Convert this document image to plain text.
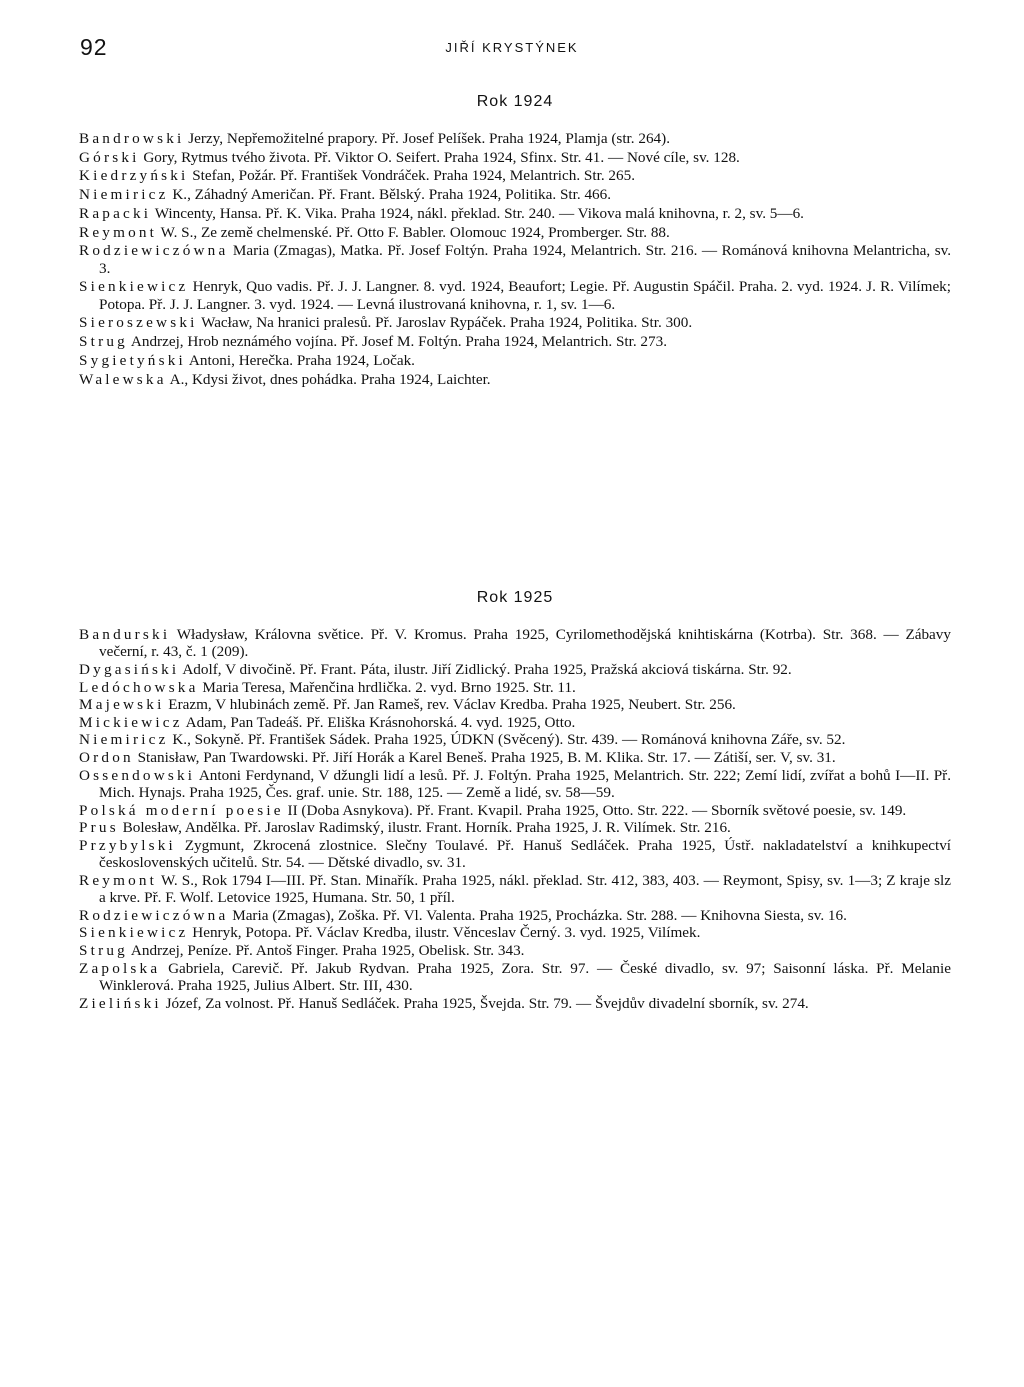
92	JIŘÍ KRYSTÝNEK
Rok 1924
Bandrowski Jerzy, Nepřemožitelné prapory. Př. Josef Pelíšek. Praha 1924, Plamja (str. 264).
Górski Gory, Rytmus tvého života. Př. Viktor O. Seifert. Praha 1924, Sfinx. Str. 41. — Nové cíle, sv. 128.
Kiedrzyński Stefan, Požár. Př. František Vondráček. Praha 1924, Melantrich. Str. 265.
Niemiricz K., Záhadný Američan. Př. Frant. Bělský. Praha 1924, Politika. Str. 466.
Rapacki Wincenty, Hansa. Př. K. Vika. Praha 1924, nákl. překlad. Str. 240. — Vikova malá knihovna, r. 2, sv. 5—6.
Reymont W. S., Ze země chelmenské. Př. Otto F. Babler. Olomouc 1924, Promberger. Str. 88.
Rodziewiczówna Maria (Zmagas), Matka. Př. Josef Foltýn. Praha 1924, Melantrich. Str. 216. — Románová knihovna Melantricha, sv. 3.
Sienkiewicz Henryk, Quo vadis. Př. J. J. Langner. 8. vyd. 1924, Beaufort; Legie. Př. Augustin Spáčil. Praha. 2. vyd. 1924. J. R. Vilímek; Potopa. Př. J. J. Langner. 3. vyd. 1924. — Levná ilustrovaná knihovna, r. 1, sv. 1—6.
Sieroszewski Wacław, Na hranici pralesů. Př. Jaroslav Rypáček. Praha 1924, Politika. Str. 300.
Strug Andrzej, Hrob neznámého vojína. Př. Josef M. Foltýn. Praha 1924, Melantrich. Str. 273.
Sygietyński Antoni, Herečka. Praha 1924, Ločak.
Walewska A., Kdysi život, dnes pohádka. Praha 1924, Laichter.
Rok 1925
Bandurski Władysław, Královna světice. Př. V. Kromus. Praha 1925, Cyrilomethodějská knihtiskárna (Kotrba). Str. 368. — Zábavy večerní, r. 43, č. 1 (209).
Dygasiński Adolf, V divočině. Př. Frant. Páta, ilustr. Jiří Zidlický. Praha 1925, Pražská akciová tiskárna. Str. 92.
Ledóchowska Maria Teresa, Mařenčina hrdlička. 2. vyd. Brno 1925. Str. 11.
Majewski Erazm, V hlubinách země. Př. Jan Rameš, rev. Václav Kredba. Praha 1925, Neubert. Str. 256.
Mickiewicz Adam, Pan Tadeáš. Př. Eliška Krásnohorská. 4. vyd. 1925, Otto.
Niemiricz K., Sokyně. Př. František Sádek. Praha 1925, ÚDKN (Svěcený). Str. 439. — Románová knihovna Záře, sv. 52.
Ordon Stanisław, Pan Twardowski. Př. Jiří Horák a Karel Beneš. Praha 1925, B. M. Klika. Str. 17. — Zátiší, ser. V, sv. 31.
Ossendowski Antoni Ferdynand, V džungli lidí a lesů. Př. J. Foltýn. Praha 1925, Melantrich. Str. 222; Zemí lidí, zvířat a bohů I—II. Př. Mich. Hynajs. Praha 1925, Čes. graf. unie. Str. 188, 125. — Země a lidé, sv. 58—59.
Polská moderní poesie II (Doba Asnykova). Př. Frant. Kvapil. Praha 1925, Otto. Str. 222. — Sborník světové poesie, sv. 149.
Prus Bolesław, Andělka. Př. Jaroslav Radimský, ilustr. Frant. Horník. Praha 1925, J. R. Vilímek. Str. 216.
Przybylski Zygmunt, Zkrocená zlostnice. Slečny Toulavé. Př. Hanuš Sedláček. Praha 1925, Ústř. nakladatelství a knihkupectví československých učitelů. Str. 54. — Dětské divadlo, sv. 31.
Reymont W. S., Rok 1794 I—III. Př. Stan. Minařík. Praha 1925, nákl. překlad. Str. 412, 383, 403. — Reymont, Spisy, sv. 1—3; Z kraje slz a krve. Př. F. Wolf. Letovice 1925, Humana. Str. 50, 1 příl.
Rodziewiczówna Maria (Zmagas), Zoška. Př. Vl. Valenta. Praha 1925, Procházka. Str. 288. — Knihovna Siesta, sv. 16.
Sienkiewicz Henryk, Potopa. Př. Václav Kredba, ilustr. Věnceslav Černý. 3. vyd. 1925, Vilímek.
Strug Andrzej, Peníze. Př. Antoš Finger. Praha 1925, Obelisk. Str. 343.
Zapolska Gabriela, Carevič. Př. Jakub Rydvan. Praha 1925, Zora. Str. 97. — České divadlo, sv. 97; Saisonní láska. Př. Melanie Winklerová. Praha 1925, Julius Albert. Str. III, 430.
Zieliński Józef, Za volnost. Př. Hanuš Sedláček. Praha 1925, Švejda. Str. 79. — Švejdův divadelní sborník, sv. 274.
